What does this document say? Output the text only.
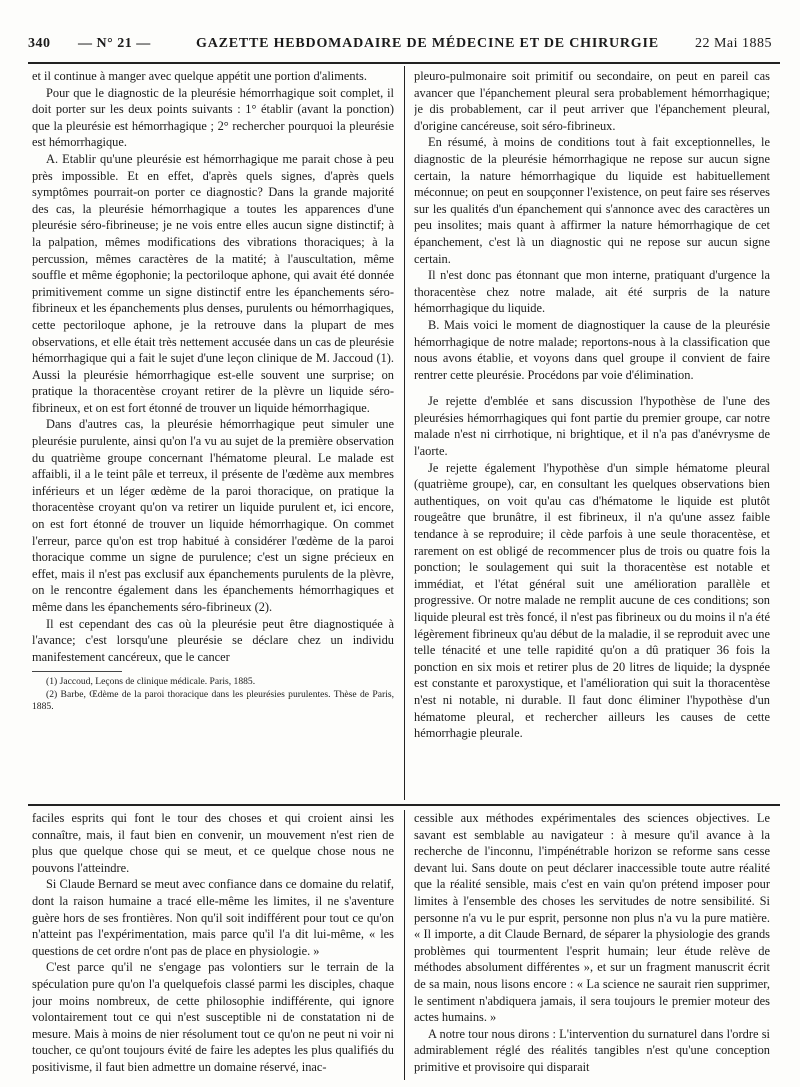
340 — N° 21 —	GAZETTE HEBDOMADAIRE DE MÉDECINE ET DE CHIRURGIE	22 Mai 1885

et il continue à manger avec quelque appétit une portion d'aliments.

Pour que le diagnostic de la pleurésie hémorrhagique soit complet, il doit porter sur les deux points suivants : 1° établir (avant la ponction) que la pleurésie est hémorrhagique ; 2° rechercher pourquoi la pleurésie est hémorrhagique.

A. Etablir qu'une pleurésie est hémorrhagique me parait chose à peu près impossible. Et en effet, d'après quels signes, d'après quels symptômes pourrait-on porter ce diagnostic? Dans la grande majorité des cas, la pleurésie hémorrhagique a toutes les apparences d'une pleurésie séro-fibrineuse; je ne vois entre elles aucun signe distinctif; à la palpation, mêmes modifications des vibrations thoraciques; à la percussion, mêmes caractères de la matité; à l'auscultation, même souffle et même égophonie; la pectoriloque aphone, qui avait été donnée primitivement comme un signe distinctif entre les épanchements séro-fibrineux et les épanchements plus denses, purulents ou hémorrhagiques, cette pectoriloque aphone, je la retrouve dans la plupart de mes observations, et elle était très nettement accusée dans un cas de pleurésie hémorrhagique qui a fait le sujet d'une leçon clinique de M. Jaccoud (1). Aussi la pleurésie hémorrhagique est-elle souvent une surprise; on pratique la thoracentèse croyant retirer de la plèvre un liquide séro-fibrineux, et on est fort étonné de trouver un liquide hémorrhagique.

Dans d'autres cas, la pleurésie hémorrhagique peut simuler une pleurésie purulente, ainsi qu'on l'a vu au sujet de la première observation du quatrième groupe concernant l'hématome pleural. Le malade est affaibli, il a le teint pâle et terreux, il présente de l'œdème aux membres inférieurs et un léger œdème de la paroi thoracique, on pratique la thoracentèse croyant qu'on va retirer un liquide purulent et, ici encore, on est fort étonné de trouver un liquide hémorrhagique. On commet l'erreur, parce qu'on est trop habitué à considérer l'œdème de la paroi thoracique comme un signe de purulence; c'est un signe précieux en effet, mais il n'est pas exclusif aux épanchements purulents de la plèvre, on le rencontre également dans les épanchements hémorrhagiques et même dans les épanchements séro-fibrineux (2).

Il est cependant des cas où la pleurésie peut être diagnostiquée à l'avance; c'est lorsqu'une pleurésie se déclare chez un individu manifestement cancéreux, que le cancer

(1) Jaccoud, Leçons de clinique médicale. Paris, 1885.

(2) Barbe, Œdème de la paroi thoracique dans les pleurésies purulentes. Thèse de Paris, 1885.

pleuro-pulmonaire soit primitif ou secondaire, on peut en pareil cas avancer que l'épanchement pleural sera probablement hémorrhagique; je dis probablement, car il peut arriver que l'épanchement pleural, d'origine cancéreuse, soit séro-fibrineux.

En résumé, à moins de conditions tout à fait exceptionnelles, le diagnostic de la pleurésie hémorrhagique ne repose sur aucun signe certain, la nature hémorrhagique du liquide est habituellement méconnue; on peut en soupçonner l'existence, on peut faire ses réserves sur les qualités d'un épanchement qui s'annonce avec des caractères un peu insolites; mais quant à affirmer la nature hémorrhagique de cet épanchement, c'est là un diagnostic qui ne repose sur aucun signe certain.

Il n'est donc pas étonnant que mon interne, pratiquant d'urgence la thoracentèse chez notre malade, ait été surpris de la nature hémorrhagique du liquide.

B. Mais voici le moment de diagnostiquer la cause de la pleurésie hémorrhagique de notre malade; reportons-nous à la classification que nous avons établie, et voyons dans quel groupe il convient de faire rentrer cette pleurésie. Procédons par voie d'élimination.

Je rejette d'emblée et sans discussion l'hypothèse de l'une des pleurésies hémorrhagiques qui font partie du premier groupe, car notre malade n'est ni cirrhotique, ni brightique, et il n'a pas d'anévrysme de l'aorte.

Je rejette également l'hypothèse d'un simple hématome pleural (quatrième groupe), car, en consultant les quelques observations bien authentiques, on voit qu'au cas d'hématome le liquide est plutôt rougeâtre que brunâtre, il est fibrineux, il n'a qu'une assez faible tendance à se reproduire; il cède parfois à une seule thoracentèse, et rarement on est obligé de recommencer plus de trois ou quatre fois la ponction; le soulagement qui suit la thoracentèse est notable et immédiat, et l'état général suit une amélioration parallèle et progressive. Or notre malade ne remplit aucune de ces conditions; son liquide pleural est très foncé, il n'est pas fibrineux ou du moins il n'a été légèrement fibrineux qu'au début de la maladie, il se reproduit avec une telle ténacité et une telle rapidité qu'on a dû pratiquer 36 fois la ponction en six mois et retirer plus de 20 litres de liquide; la dyspnée est constante et paroxystique, et l'amélioration qui suit la thoracentèse n'est ni notable, ni durable. Il faut donc éliminer l'hypothèse d'un hématome pleural, et rechercher ailleurs les causes de cette hémorrhagie pleurale.

faciles esprits qui font le tour des choses et qui croient ainsi les connaître, mais, il faut bien en convenir, un mouvement n'est rien de plus que quelque chose qui se meut, et ce quelque chose nous ne pouvons l'atteindre.

Si Claude Bernard se meut avec confiance dans ce domaine du relatif, dont la raison humaine a tracé elle-même les limites, il ne s'aventure guère hors de ses frontières. Non qu'il soit indifférent pour tout ce qu'on n'atteint pas l'expérimentation, mais parce qu'il l'a dit lui-même, « les questions de cet ordre n'ont pas de place en physiologie. »

C'est parce qu'il ne s'engage pas volontiers sur le terrain de la spéculation pure qu'on l'a quelquefois classé parmi les disciples, chaque jour moins nombreux, de cette philosophie indifférente, qui ignore volontairement tout ce qui n'est susceptible ni de constatation ni de mesure. Mais à moins de nier résolument tout ce qu'on ne peut ni voir ni toucher, ce qu'ont toujours évité de faire les adeptes les plus qualifiés du positivisme, il faut bien admettre un domaine réservé, inac-

cessible aux méthodes expérimentales des sciences objectives. Le savant est semblable au navigateur : à mesure qu'il avance à la recherche de l'inconnu, l'impénétrable horizon se reforme sans cesse devant lui. Sans doute on peut déclarer inaccessible toute autre réalité que la réalité sensible, mais c'est en vain qu'on prétend imposer pour limites à l'ensemble des choses les servitudes de notre sensibilité. Si personne n'a vu le pur esprit, personne non plus n'a vu la pure matière. « Il importe, a dit Claude Bernard, de séparer la physiologie des grands problèmes qui tourmentent l'esprit humain; leur étude relève de méthodes absolument différentes », et sur un fragment manuscrit écrit de sa main, nous lisons encore : « La science ne saurait rien supprimer, le sentiment n'abdiquera jamais, il sera toujours le premier moteur des actes humains. »

A notre tour nous dirons : L'intervention du surnaturel dans l'ordre si admirablement réglé des réalités tangibles n'est qu'une conception primitive et provisoire qui disparait
